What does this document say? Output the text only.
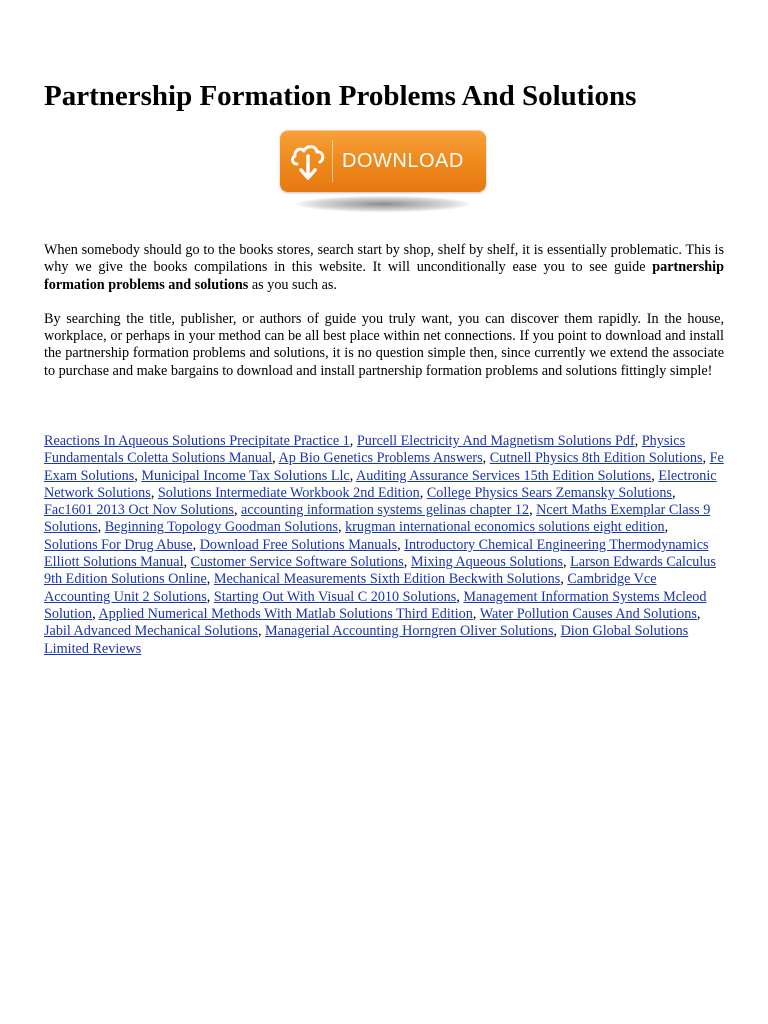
Partnership Formation Problems And Solutions
DOWNLOAD

When somebody should go to the books stores, search start by shop, shelf by shelf, it is essentially problematic. This is why we give the books compilations in this website. It will unconditionally ease you to see guide partnership formation problems and solutions as you such as.

By searching the title, publisher, or authors of guide you truly want, you can discover them rapidly. In the house, workplace, or perhaps in your method can be all best place within net connections. If you point to download and install the partnership formation problems and solutions, it is no question simple then, since currently we extend the associate to purchase and make bargains to download and install partnership formation problems and solutions fittingly simple!

Reactions In Aqueous Solutions Precipitate Practice 1, Purcell Electricity And Magnetism Solutions Pdf, Physics Fundamentals Coletta Solutions Manual, Ap Bio Genetics Problems Answers, Cutnell Physics 8th Edition Solutions, Fe Exam Solutions, Municipal Income Tax Solutions Llc, Auditing Assurance Services 15th Edition Solutions, Electronic Network Solutions, Solutions Intermediate Workbook 2nd Edition, College Physics Sears Zemansky Solutions, Fac1601 2013 Oct Nov Solutions, accounting information systems gelinas chapter 12, Ncert Maths Exemplar Class 9 Solutions, Beginning Topology Goodman Solutions, krugman international economics solutions eight edition, Solutions For Drug Abuse, Download Free Solutions Manuals, Introductory Chemical Engineering Thermodynamics Elliott Solutions Manual, Customer Service Software Solutions, Mixing Aqueous Solutions, Larson Edwards Calculus 9th Edition Solutions Online, Mechanical Measurements Sixth Edition Beckwith Solutions, Cambridge Vce Accounting Unit 2 Solutions, Starting Out With Visual C 2010 Solutions, Management Information Systems Mcleod Solution, Applied Numerical Methods With Matlab Solutions Third Edition, Water Pollution Causes And Solutions, Jabil Advanced Mechanical Solutions, Managerial Accounting Horngren Oliver Solutions, Dion Global Solutions Limited Reviews
